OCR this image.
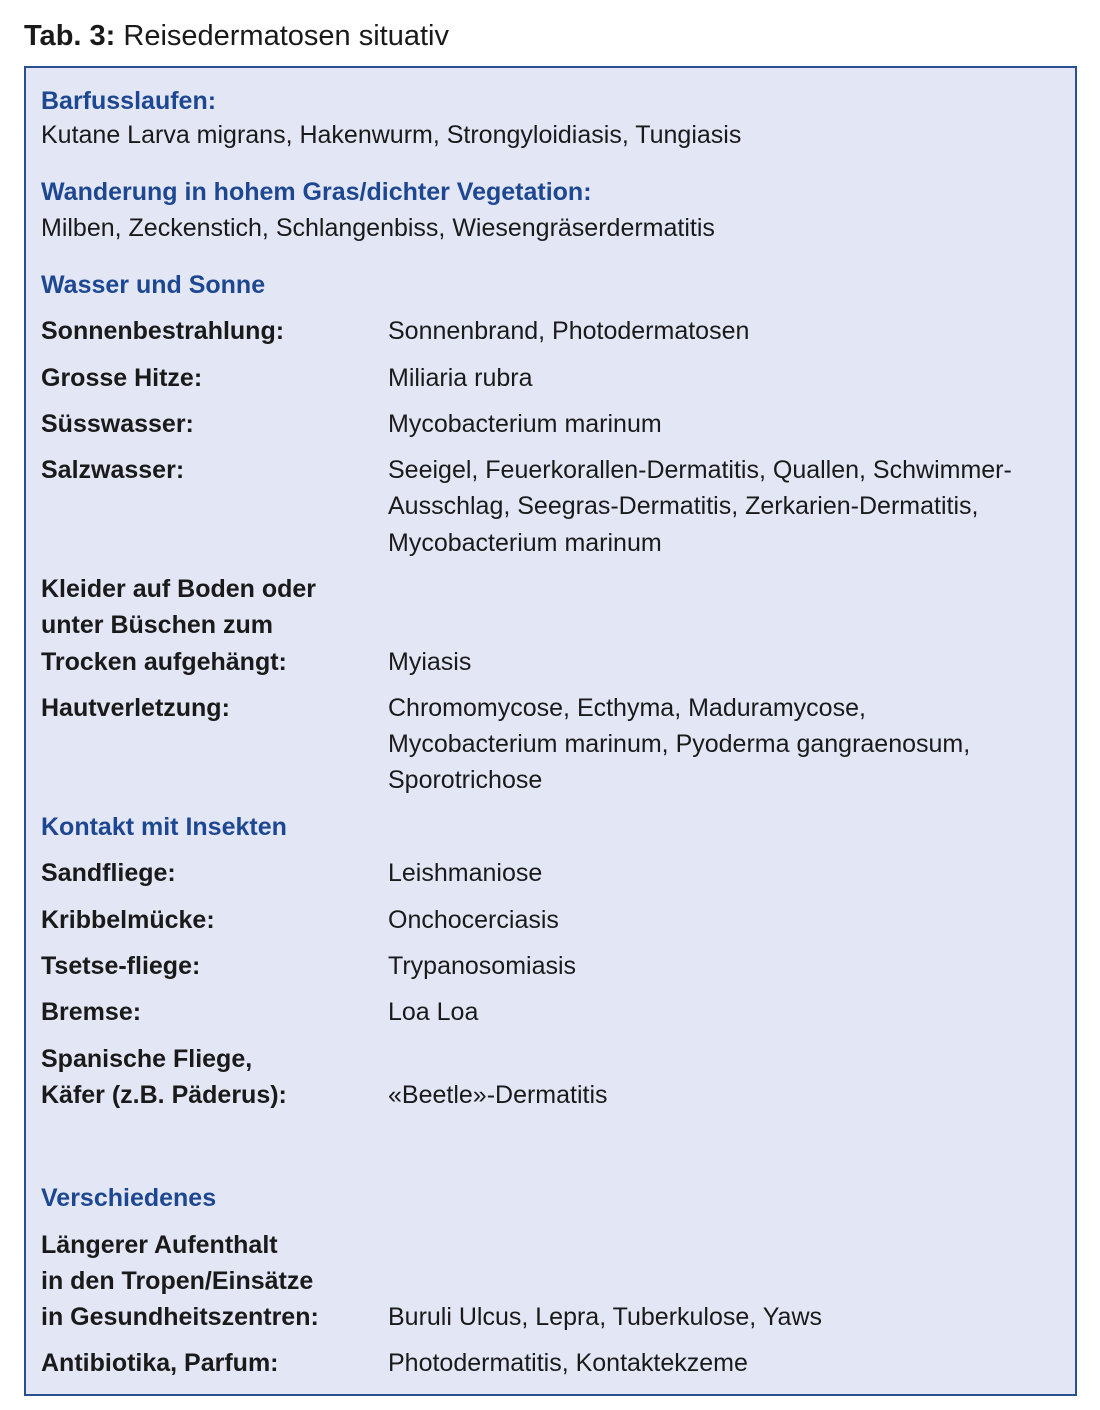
Tab. 3: Reisedermatosen situativ
Barfusslaufen:
Kutane Larva migrans, Hakenwurm, Strongyloidiasis, Tungiasis
Wanderung in hohem Gras/dichter Vegetation:
Milben, Zeckenstich, Schlangenbiss, Wiesengräserdermatitis
Wasser und Sonne
Sonnenbestrahlung:	Sonnenbrand, Photodermatosen
Grosse Hitze:	Miliaria rubra
Süsswasser:	Mycobacterium marinum
Salzwasser:	Seeigel, Feuerkorallen-Dermatitis, Quallen, Schwimmer-
Ausschlag, Seegras-Dermatitis, Zerkarien-Dermatitis,
Mycobacterium marinum
Kleider auf Boden oder
unter Büschen zum
Trocken aufgehängt:	Myiasis
Hautverletzung:	Chromomycose, Ecthyma, Maduramycose,
Mycobacterium marinum, Pyoderma gangraenosum,
Sporotrichose
Kontakt mit Insekten
Sandfliege:	Leishmaniose
Kribbelmücke:	Onchocerciasis
Tsetse-fliege:	Trypanosomiasis
Bremse:	Loa Loa
Spanische Fliege,
Käfer (z.B. Päderus):	«Beetle»-Dermatitis
Verschiedenes
Längerer Aufenthalt
in den Tropen/Einsätze
in Gesundheitszentren:	Buruli Ulcus, Lepra, Tuberkulose, Yaws
Antibiotika, Parfum:	Photodermatitis, Kontaktekzeme
